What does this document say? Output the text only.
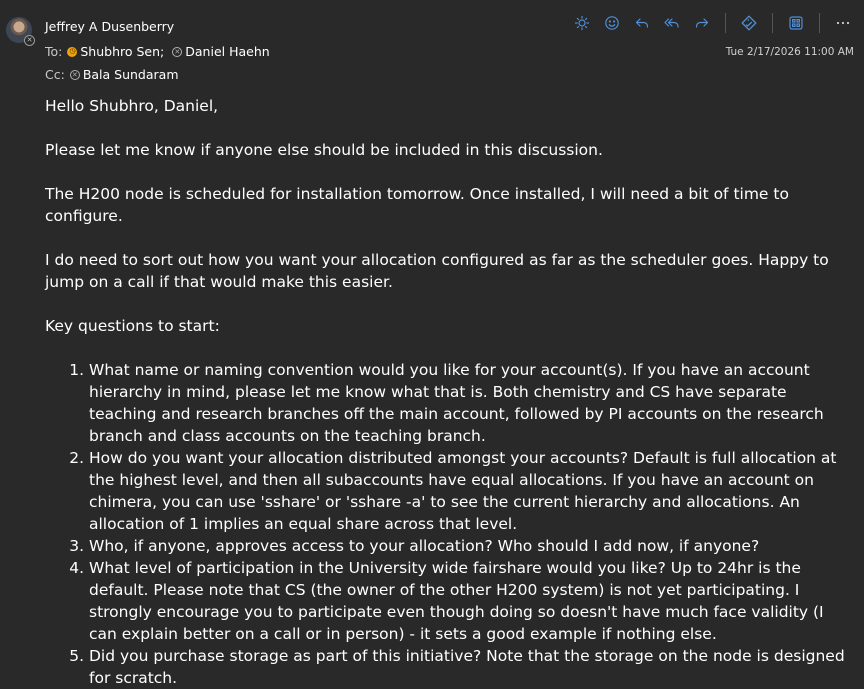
✕
Jeffrey A Dusenberry
To: ◷ Shubhro Sen ; ✕ Daniel Haehn
Cc: ✕ Bala Sundaram
Tue 2/17/2026 11:00 AM

Hello Shubhro, Daniel,

Please let me know if anyone else should be included in this discussion.

The H200 node is scheduled for installation tomorrow. Once installed, I will need a bit of time to configure.

I do need to sort out how you want your allocation configured as far as the scheduler goes. Happy to jump on a call if that would make this easier.

Key questions to start:

1. What name or naming convention would you like for your account(s). If you have an account hierarchy in mind, please let me know what that is. Both chemistry and CS have separate teaching and research branches off the main account, followed by PI accounts on the research branch and class accounts on the teaching branch.
2. How do you want your allocation distributed amongst your accounts? Default is full allocation at the highest level, and then all subaccounts have equal allocations. If you have an account on chimera, you can use 'sshare' or 'sshare -a' to see the current hierarchy and allocations. An allocation of 1 implies an equal share across that level.
3. Who, if anyone, approves access to your allocation? Who should I add now, if anyone?
4. What level of participation in the University wide fairshare would you like? Up to 24hr is the default. Please note that CS (the owner of the other H200 system) is not yet participating. I strongly encourage you to participate even though doing so doesn't have much face validity (I can explain better on a call or in person) - it sets a good example if nothing else.
5. Did you purchase storage as part of this initiative? Note that the storage on the node is designed for scratch.
